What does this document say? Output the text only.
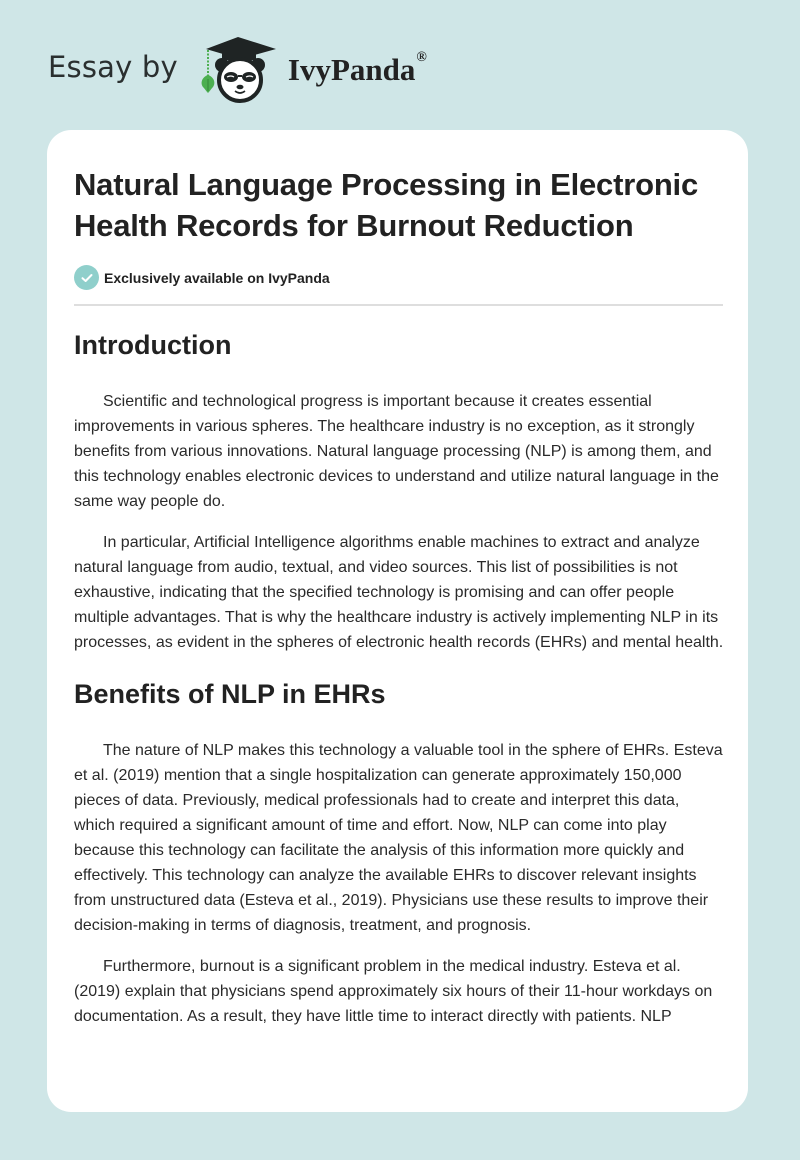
Essay by	IvyPanda®
Natural Language Processing in Electronic Health Records for Burnout Reduction
Exclusively available on IvyPanda
Introduction

Scientific and technological progress is important because it creates essential improvements in various spheres. The healthcare industry is no exception, as it strongly benefits from various innovations. Natural language processing (NLP) is among them, and this technology enables electronic devices to understand and utilize natural language in the same way people do.

In particular, Artificial Intelligence algorithms enable machines to extract and analyze natural language from audio, textual, and video sources. This list of possibilities is not exhaustive, indicating that the specified technology is promising and can offer people multiple advantages. That is why the healthcare industry is actively implementing NLP in its processes, as evident in the spheres of electronic health records (EHRs) and mental health.

Benefits of NLP in EHRs

The nature of NLP makes this technology a valuable tool in the sphere of EHRs. Esteva et al. (2019) mention that a single hospitalization can generate approximately 150,000 pieces of data. Previously, medical professionals had to create and interpret this data, which required a significant amount of time and effort. Now, NLP can come into play because this technology can facilitate the analysis of this information more quickly and effectively. This technology can analyze the available EHRs to discover relevant insights from unstructured data (Esteva et al., 2019). Physicians use these results to improve their decision-making in terms of diagnosis, treatment, and prognosis.

Furthermore, burnout is a significant problem in the medical industry. Esteva et al. (2019) explain that physicians spend approximately six hours of their 11-hour workdays on documentation. As a result, they have little time to interact directly with patients. NLP
